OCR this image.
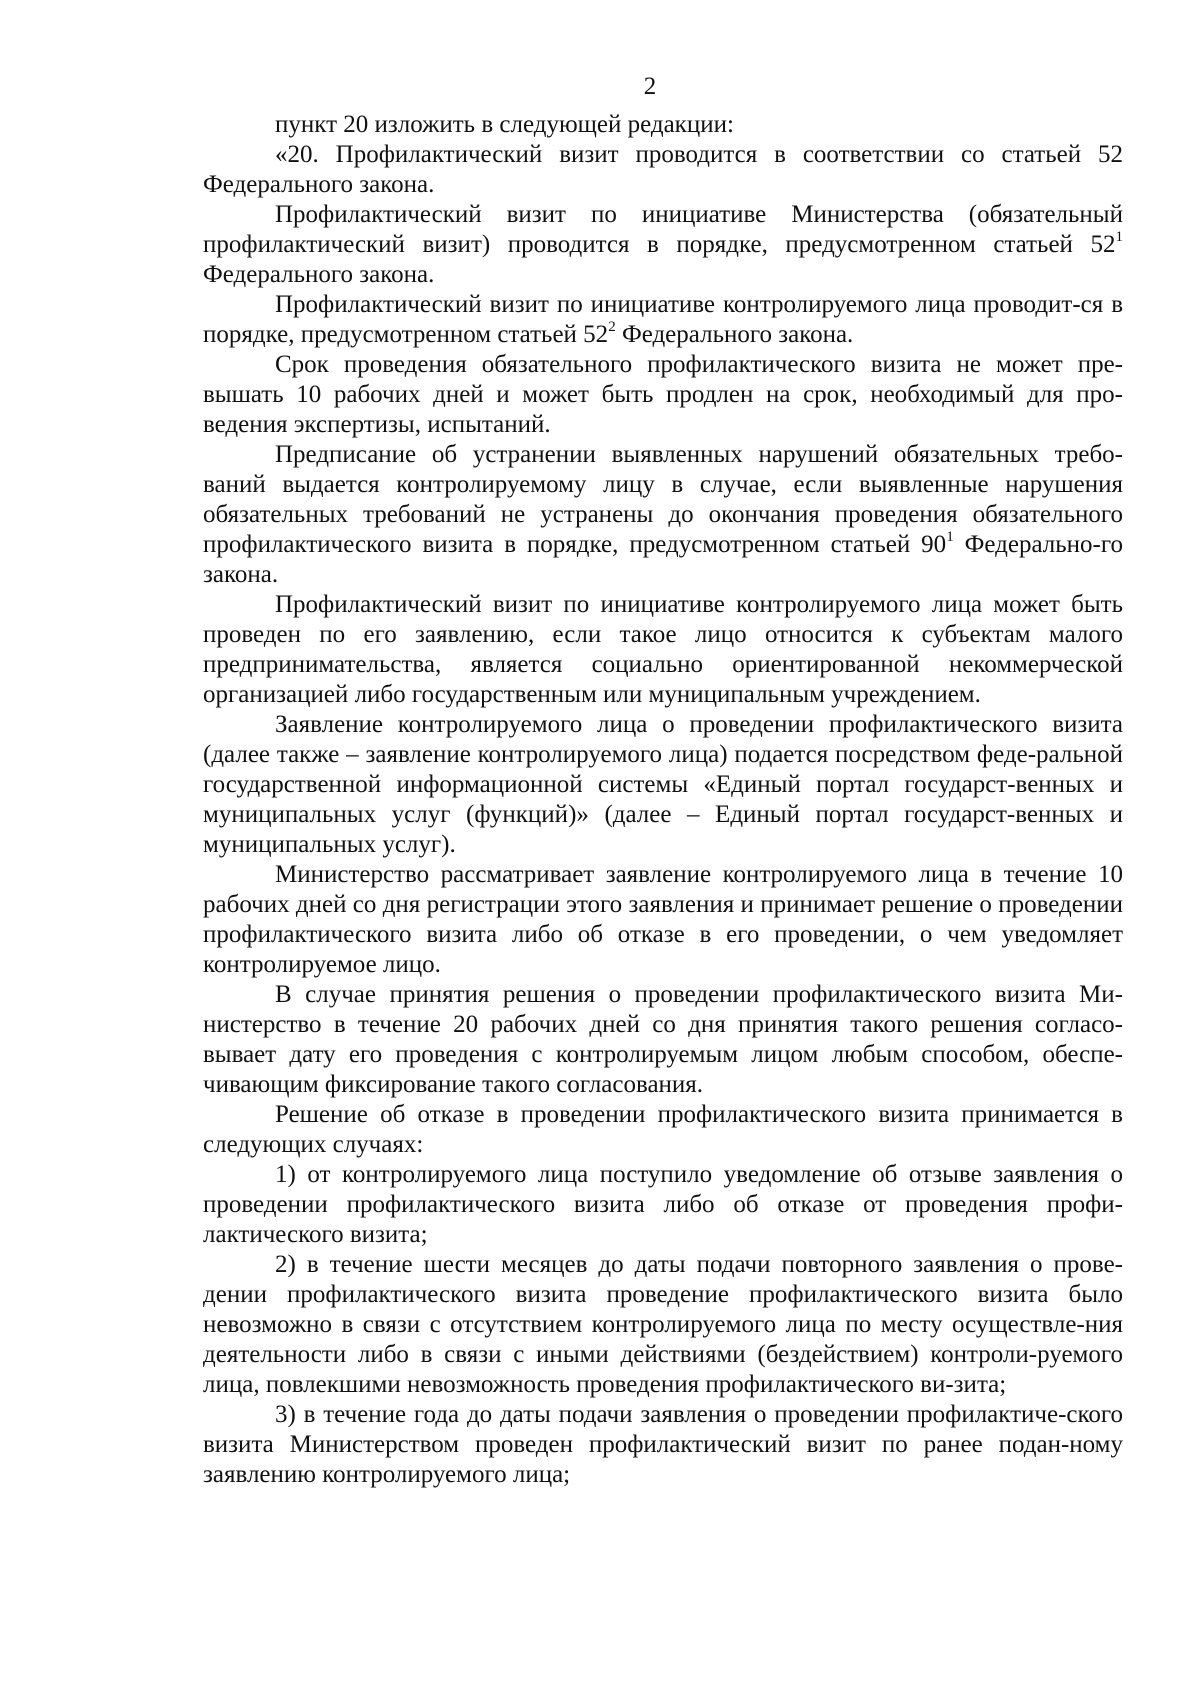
2

пункт 20 изложить в следующей редакции:

«20. Профилактический визит проводится в соответствии со статьей 52 Федерального закона.

Профилактический визит по инициативе Министерства (обязательный профилактический визит) проводится в порядке, предусмотренном статьей $52^1$ Федерального закона.

Профилактический визит по инициативе контролируемого лица проводит-ся в порядке, предусмотренном статьей $52^2$ Федерального закона.

Срок проведения обязательного профилактического визита не может пре-вышать 10 рабочих дней и может быть продлен на срок, необходимый для про-ведения экспертизы, испытаний.

Предписание об устранении выявленных нарушений обязательных требо-ваний выдается контролируемому лицу в случае, если выявленные нарушения обязательных требований не устранены до окончания проведения обязательного профилактического визита в порядке, предусмотренном статьей $90^1$ Федерально-го закона.

Профилактический визит по инициативе контролируемого лица может быть проведен по его заявлению, если такое лицо относится к субъектам малого предпринимательства, является социально ориентированной некоммерческой организацией либо государственным или муниципальным учреждением.

Заявление контролируемого лица о проведении профилактического визита (далее также – заявление контролируемого лица) подается посредством феде-ральной государственной информационной системы «Единый портал государст-венных и муниципальных услуг (функций)» (далее – Единый портал государст-венных и муниципальных услуг).

Министерство рассматривает заявление контролируемого лица в течение 10 рабочих дней со дня регистрации этого заявления и принимает решение о проведении профилактического визита либо об отказе в его проведении, о чем уведомляет контролируемое лицо.

В случае принятия решения о проведении профилактического визита Ми-нистерство в течение 20 рабочих дней со дня принятия такого решения согласо-вывает дату его проведения с контролируемым лицом любым способом, обеспе-чивающим фиксирование такого согласования.

Решение об отказе в проведении профилактического визита принимается в следующих случаях:

1) от контролируемого лица поступило уведомление об отзыве заявления о проведении профилактического визита либо об отказе от проведения профи-лактического визита;

2) в течение шести месяцев до даты подачи повторного заявления о прове-дении профилактического визита проведение профилактического визита было невозможно в связи с отсутствием контролируемого лица по месту осуществле-ния деятельности либо в связи с иными действиями (бездействием) контроли-руемого лица, повлекшими невозможность проведения профилактического ви-зита;

3) в течение года до даты подачи заявления о проведении профилактиче-ского визита Министерством проведен профилактический визит по ранее подан-ному заявлению контролируемого лица;
